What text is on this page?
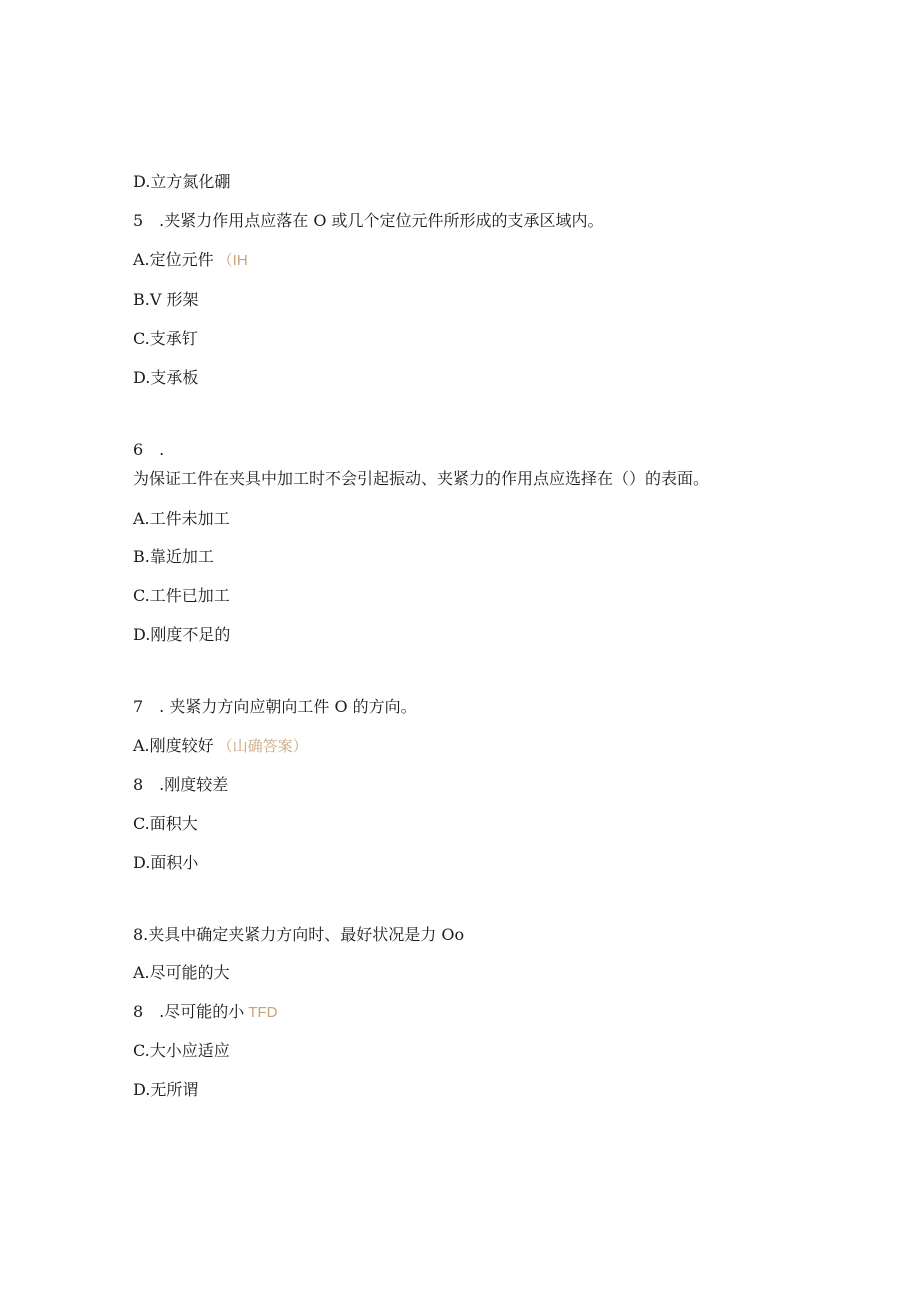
D.立方氮化硼
5　.夹紧力作用点应落在 O 或几个定位元件所形成的支承区域内。
A.定位元件 （IH
B.V 形架
C.支承钉
D.支承板
6　.
为保证工件在夹具中加工时不会引起振动、夹紧力的作用点应选择在（）的表面。
A.工件未加工
B.靠近加工
C.工件已加工
D.刚度不足的
7　. 夹紧力方向应朝向工件 O 的方向。
A.刚度较好 （山确答案）
8　.刚度较差
C.面积大
D.面积小
8.夹具中确定夹紧力方向时、最好状况是力 Oo
A.尽可能的大
8　.尽可能的小 TFD
C.大小应适应
D.无所谓
